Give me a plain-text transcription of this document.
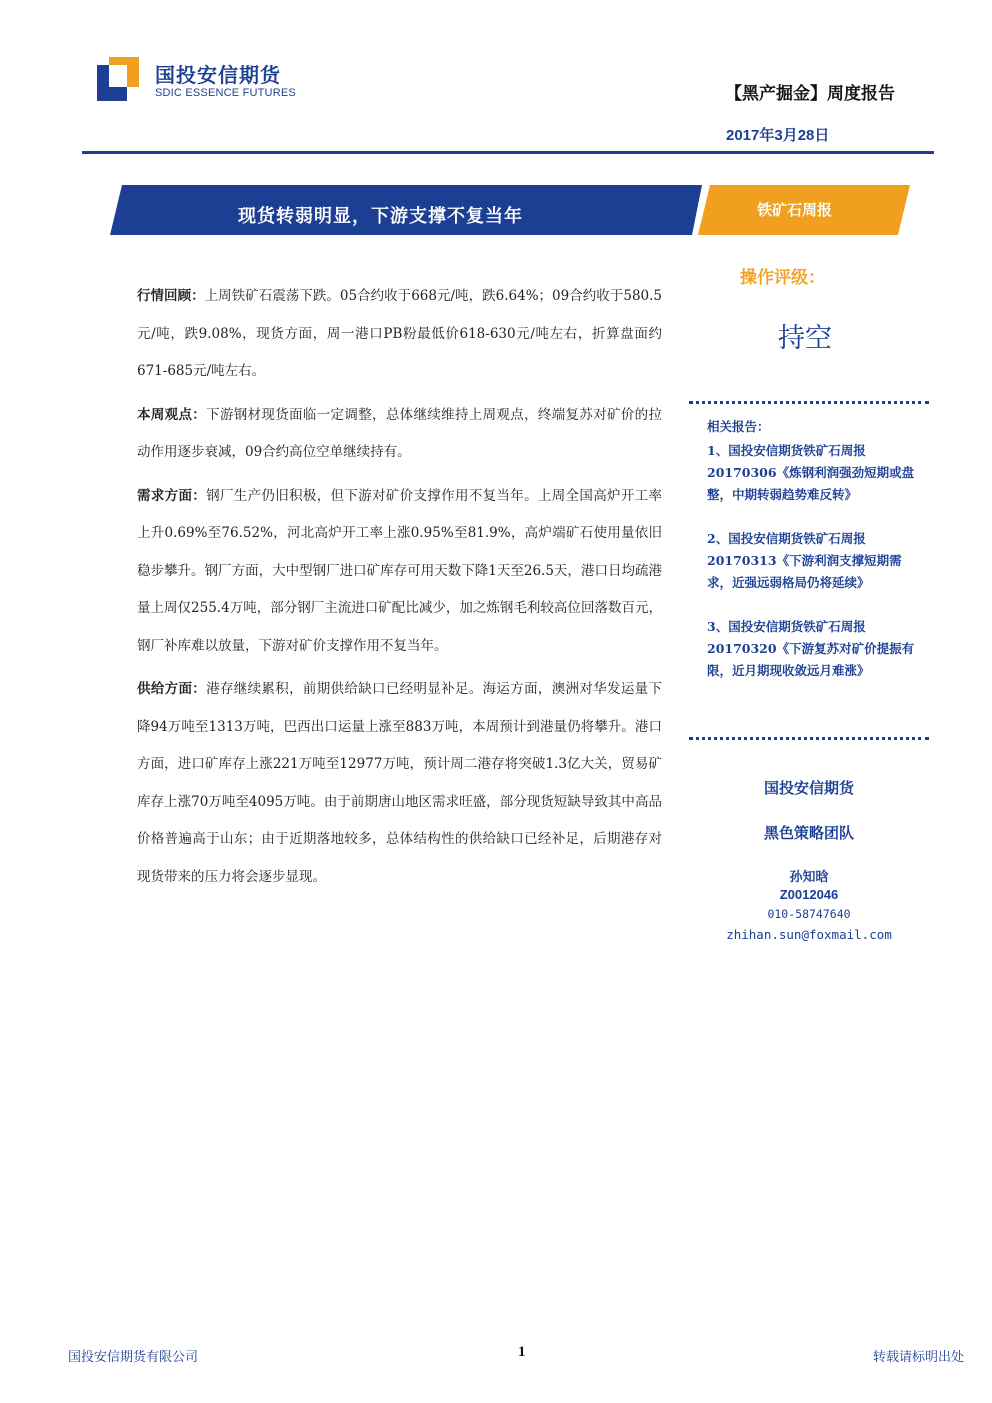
国投安信期货
SDIC ESSENCE FUTURES	【黑产掘金】周度报告
2017年3月28日
现货转弱明显，下游支撑不复当年	铁矿石周报

行情回顾：上周铁矿石震荡下跌。05合约收于668元/吨，跌6.64%；09合约收于580.5元/吨，跌9.08%，现货方面，周一港口PB粉最低价618-630元/吨左右，折算盘面约671-685元/吨左右。

本周观点：下游钢材现货面临一定调整，总体继续维持上周观点，终端复苏对矿价的拉动作用逐步衰减，09合约高位空单继续持有。

需求方面：钢厂生产仍旧积极，但下游对矿价支撑作用不复当年。上周全国高炉开工率上升0.69%至76.52%，河北高炉开工率上涨0.95%至81.9%，高炉端矿石使用量依旧稳步攀升。钢厂方面，大中型钢厂进口矿库存可用天数下降1天至26.5天，港口日均疏港量上周仅255.4万吨，部分钢厂主流进口矿配比减少，加之炼钢毛利较高位回落数百元，钢厂补库难以放量，下游对矿价支撑作用不复当年。

供给方面：港存继续累积，前期供给缺口已经明显补足。海运方面，澳洲对华发运量下降94万吨至1313万吨，巴西出口运量上涨至883万吨，本周预计到港量仍将攀升。港口方面，进口矿库存上涨221万吨至12977万吨，预计周二港存将突破1.3亿大关，贸易矿库存上涨70万吨至4095万吨。由于前期唐山地区需求旺盛，部分现货短缺导致其中高品价格普遍高于山东；由于近期落地较多，总体结构性的供给缺口已经补足，后期港存对现货带来的压力将会逐步显现。

操作评级：
持空
相关报告：
1、国投安信期货铁矿石周报20170306《炼钢利润强劲短期或盘整，中期转弱趋势难反转》
2、国投安信期货铁矿石周报20170313《下游利润支撑短期需求，近强远弱格局仍将延续》
3、国投安信期货铁矿石周报20170320《下游复苏对矿价提振有限，近月期现收敛远月难涨》
国投安信期货
黑色策略团队
孙知晗
Z0012046
010-58747640
zhihan.sun@foxmail.com
国投安信期货有限公司	1	转载请标明出处
